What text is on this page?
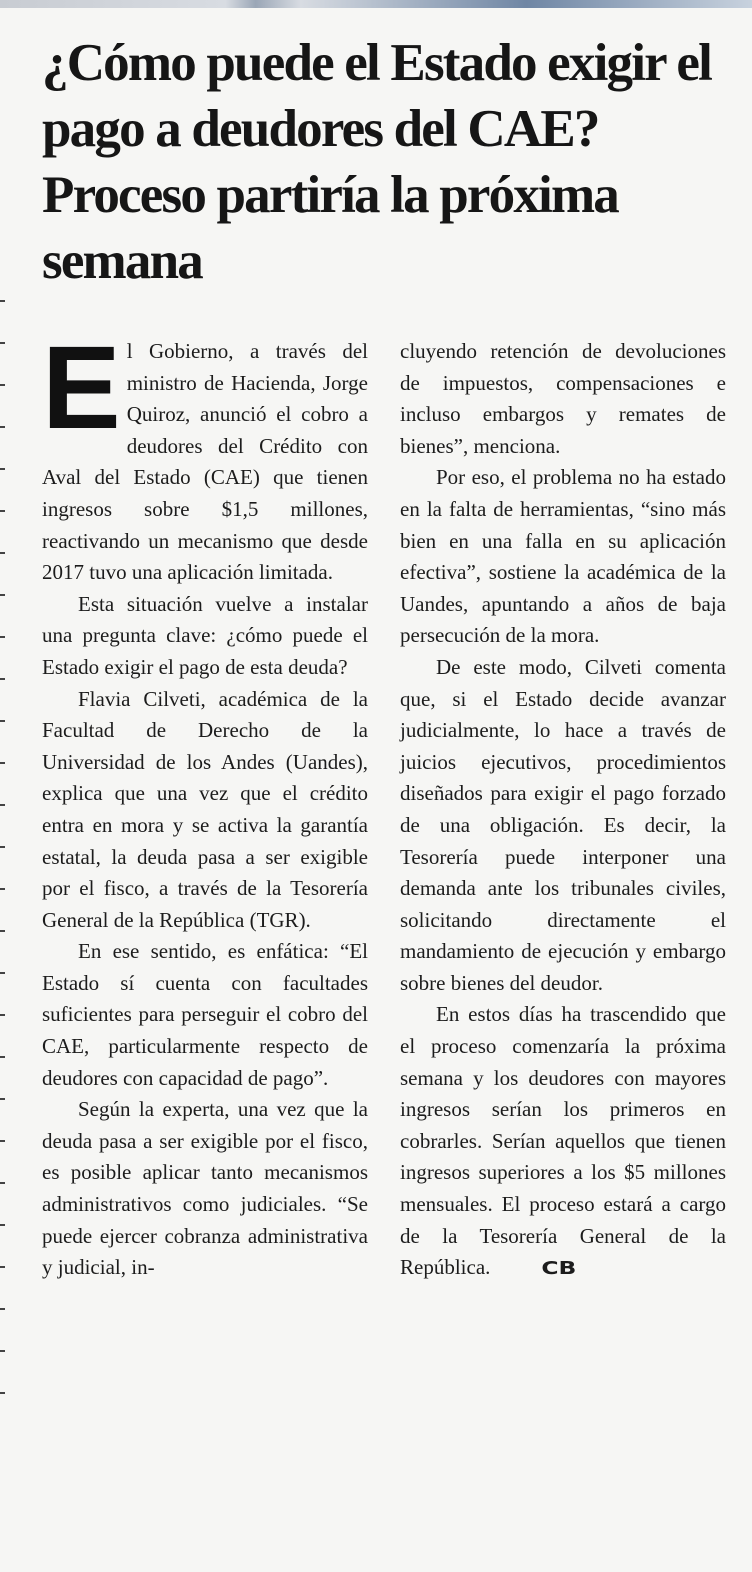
¿Cómo puede el Estado exigir el pago a deudores del CAE? Proceso partiría la próxima semana

El Gobierno, a través del ministro de Hacienda, Jorge Quiroz, anunció el cobro a deudores del Crédito con Aval del Estado (CAE) que tienen ingresos sobre $1,5 millones, reactivando un mecanismo que desde 2017 tuvo una aplicación limitada.

Esta situación vuelve a instalar una pregunta clave: ¿cómo puede el Estado exigir el pago de esta deuda?

Flavia Cilveti, académica de la Facultad de Derecho de la Universidad de los Andes (Uandes), explica que una vez que el crédito entra en mora y se activa la garantía estatal, la deuda pasa a ser exigible por el fisco, a través de la Tesorería General de la República (TGR).

En ese sentido, es enfática: “El Estado sí cuenta con facultades suficientes para perseguir el cobro del CAE, particularmente respecto de deudores con capacidad de pago”.

Según la experta, una vez que la deuda pasa a ser exigible por el fisco, es posible aplicar tanto mecanismos administrativos como judiciales. “Se puede ejercer cobranza administrativa y judicial, in-

cluyendo retención de devoluciones de impuestos, compensaciones e incluso embargos y remates de bienes”, menciona.

Por eso, el problema no ha estado en la falta de herramientas, “sino más bien en una falla en su aplicación efectiva”, sostiene la académica de la Uandes, apuntando a años de baja persecución de la mora.

De este modo, Cilveti comenta que, si el Estado decide avanzar judicialmente, lo hace a través de juicios ejecutivos, procedimientos diseñados para exigir el pago forzado de una obligación. Es decir, la Tesorería puede interponer una demanda ante los tribunales civiles, solicitando directamente el mandamiento de ejecución y embargo sobre bienes del deudor.

En estos días ha trascendido que el proceso comenzaría la próxima semana y los deudores con mayores ingresos serían los primeros en cobrarles. Serían aquellos que tienen ingresos superiores a los $5 millones mensuales. El proceso estará a cargo de la Tesorería General de la República.	CB
